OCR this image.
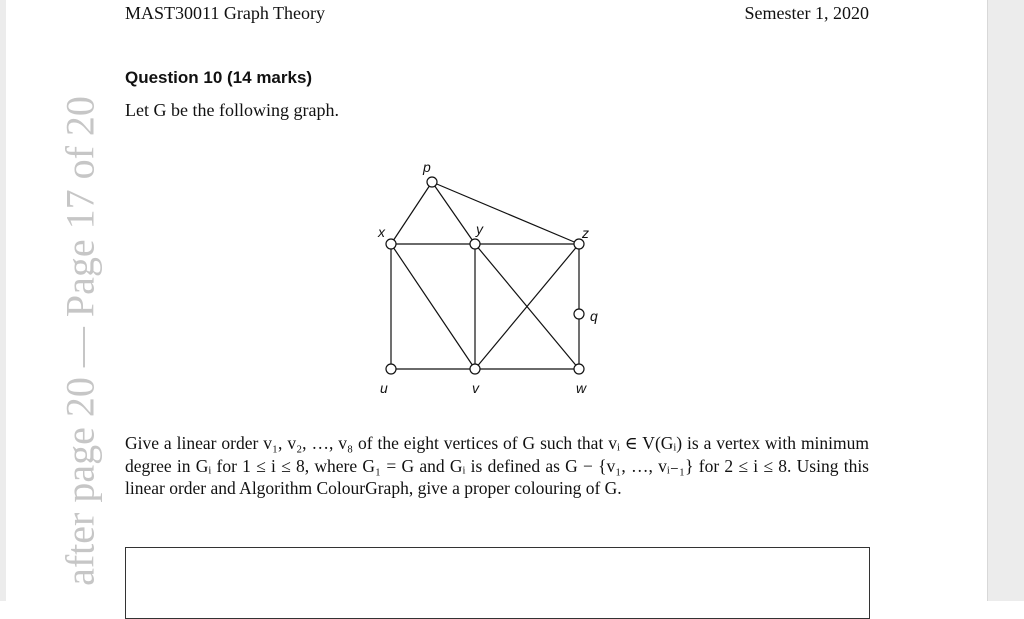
after page 20 — Page 17 of 20
MAST30011 Graph Theory	Semester 1, 2020
Question 10 (14 marks)
Let G be the following graph.
p
x	y	z
q
u	v	w
Give a linear order v₁, v₂, …, v₈ of the eight vertices of G such that vᵢ ∈ V(Gᵢ) is a vertex with minimum degree in Gᵢ for 1 ≤ i ≤ 8, where G₁ = G and Gᵢ is defined as G − {v₁, …, vᵢ₋₁} for 2 ≤ i ≤ 8. Using this linear order and Algorithm ColourGraph, give a proper colouring of G.
